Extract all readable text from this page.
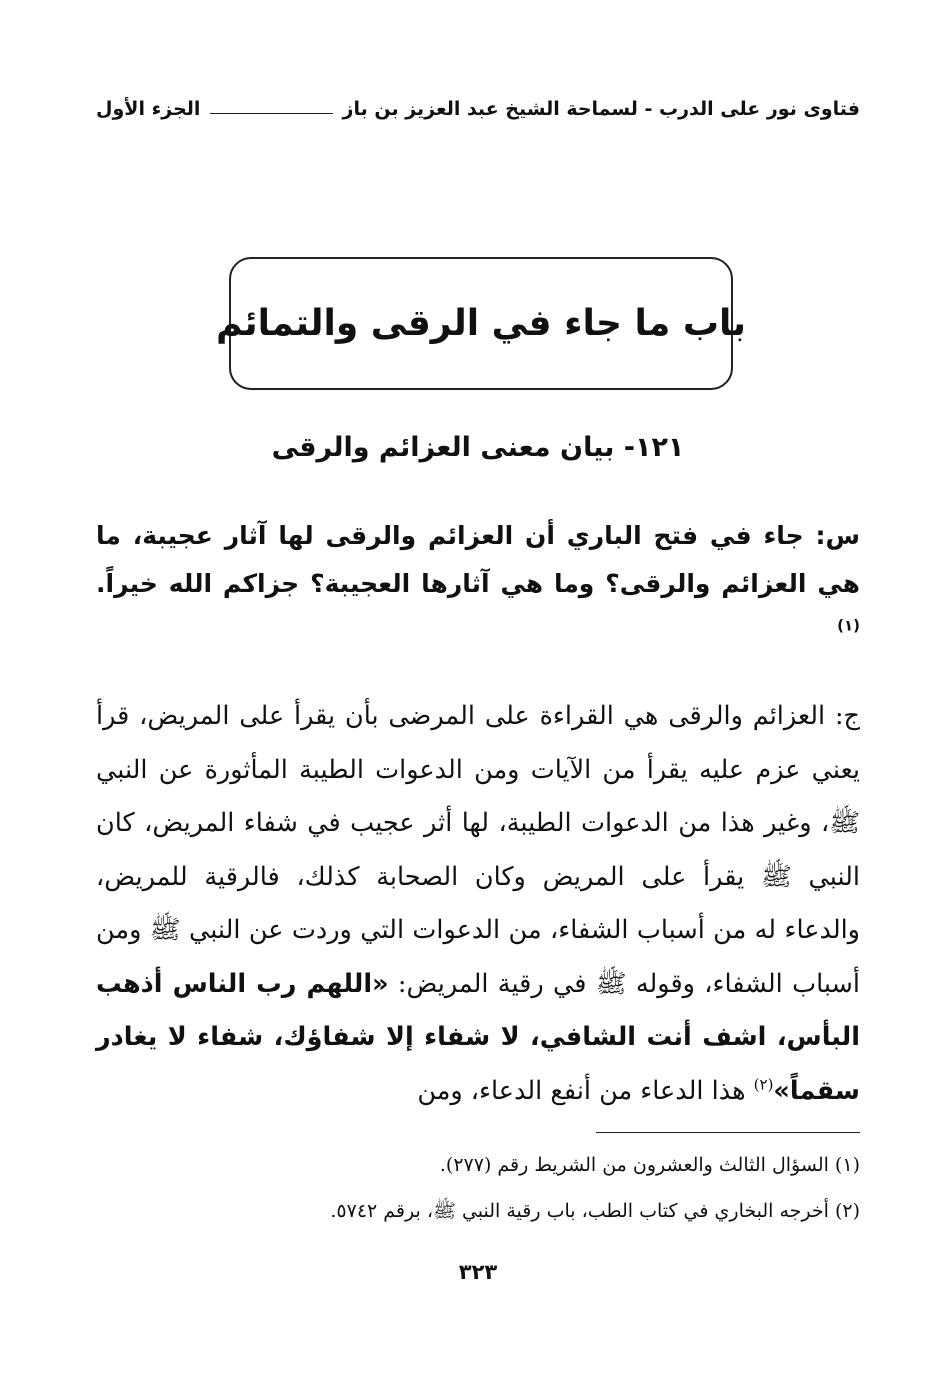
فتاوى نور على الدرب - لسماحة الشيخ عبد العزيز بن باز
الجزء الأول
باب ما جاء في الرقى والتمائم
١٢١- بيان معنى العزائم والرقى
س: جاء في فتح الباري أن العزائم والرقى لها آثار عجيبة، ما هي العزائم والرقى؟ وما هي آثارها العجيبة؟ جزاكم الله خيراً. $^{(١)}$
ج: العزائم والرقى هي القراءة على المرضى بأن يقرأ على المريض، قرأ يعني عزم عليه يقرأ من الآيات ومن الدعوات الطيبة المأثورة عن النبي ﷺ، وغير هذا من الدعوات الطيبة، لها أثر عجيب في شفاء المريض، كان النبي ﷺ يقرأ على المريض وكان الصحابة كذلك، فالرقية للمريض، والدعاء له من أسباب الشفاء، من الدعوات التي وردت عن النبي ﷺ ومن أسباب الشفاء، وقوله ﷺ في رقية المريض: «اللهم رب الناس أذهب البأس، اشف أنت الشافي، لا شفاء إلا شفاؤك، شفاء لا يغادر سقماً»$^{(٢)}$ هذا الدعاء من أنفع الدعاء، ومن
(١) السؤال الثالث والعشرون من الشريط رقم (٢٧٧).
(٢) أخرجه البخاري في كتاب الطب، باب رقية النبي ﷺ، برقم ٥٧٤٢.
٣٢٣
